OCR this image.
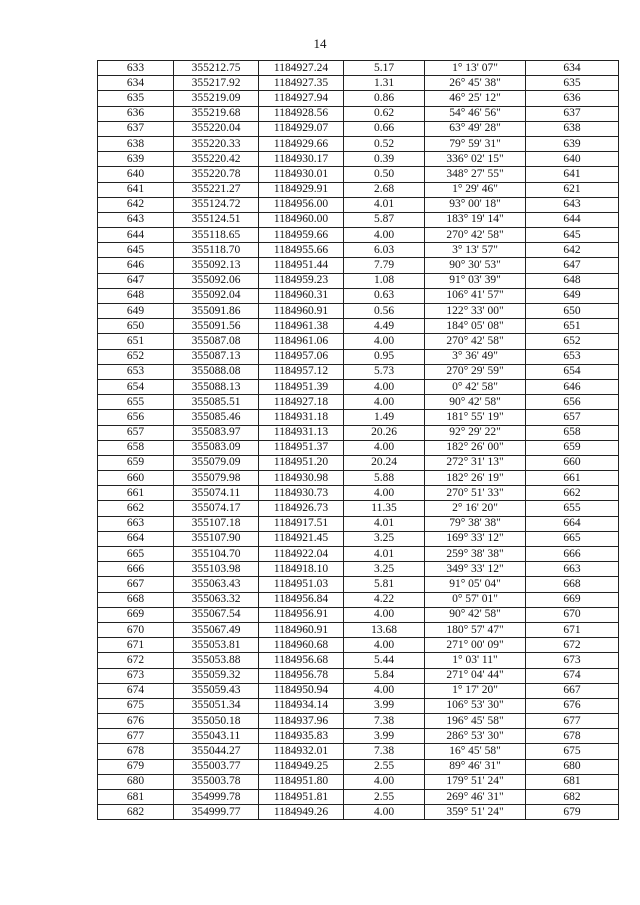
14
633	355212.75	1184927.24	5.17	1° 13' 07"	634
634	355217.92	1184927.35	1.31	26° 45' 38"	635
635	355219.09	1184927.94	0.86	46° 25' 12"	636
636	355219.68	1184928.56	0.62	54° 46' 56"	637
637	355220.04	1184929.07	0.66	63° 49' 28"	638
638	355220.33	1184929.66	0.52	79° 59' 31"	639
639	355220.42	1184930.17	0.39	336° 02' 15"	640
640	355220.78	1184930.01	0.50	348° 27' 55"	641
641	355221.27	1184929.91	2.68	1° 29' 46"	621
642	355124.72	1184956.00	4.01	93° 00' 18"	643
643	355124.51	1184960.00	5.87	183° 19' 14"	644
644	355118.65	1184959.66	4.00	270° 42' 58"	645
645	355118.70	1184955.66	6.03	3° 13' 57"	642
646	355092.13	1184951.44	7.79	90° 30' 53"	647
647	355092.06	1184959.23	1.08	91° 03' 39"	648
648	355092.04	1184960.31	0.63	106° 41' 57"	649
649	355091.86	1184960.91	0.56	122° 33' 00"	650
650	355091.56	1184961.38	4.49	184° 05' 08"	651
651	355087.08	1184961.06	4.00	270° 42' 58"	652
652	355087.13	1184957.06	0.95	3° 36' 49"	653
653	355088.08	1184957.12	5.73	270° 29' 59"	654
654	355088.13	1184951.39	4.00	0° 42' 58"	646
655	355085.51	1184927.18	4.00	90° 42' 58"	656
656	355085.46	1184931.18	1.49	181° 55' 19"	657
657	355083.97	1184931.13	20.26	92° 29' 22"	658
658	355083.09	1184951.37	4.00	182° 26' 00"	659
659	355079.09	1184951.20	20.24	272° 31' 13"	660
660	355079.98	1184930.98	5.88	182° 26' 19"	661
661	355074.11	1184930.73	4.00	270° 51' 33"	662
662	355074.17	1184926.73	11.35	2° 16' 20"	655
663	355107.18	1184917.51	4.01	79° 38' 38"	664
664	355107.90	1184921.45	3.25	169° 33' 12"	665
665	355104.70	1184922.04	4.01	259° 38' 38"	666
666	355103.98	1184918.10	3.25	349° 33' 12"	663
667	355063.43	1184951.03	5.81	91° 05' 04"	668
668	355063.32	1184956.84	4.22	0° 57' 01"	669
669	355067.54	1184956.91	4.00	90° 42' 58"	670
670	355067.49	1184960.91	13.68	180° 57' 47"	671
671	355053.81	1184960.68	4.00	271° 00' 09"	672
672	355053.88	1184956.68	5.44	1° 03' 11"	673
673	355059.32	1184956.78	5.84	271° 04' 44"	674
674	355059.43	1184950.94	4.00	1° 17' 20"	667
675	355051.34	1184934.14	3.99	106° 53' 30"	676
676	355050.18	1184937.96	7.38	196° 45' 58"	677
677	355043.11	1184935.83	3.99	286° 53' 30"	678
678	355044.27	1184932.01	7.38	16° 45' 58"	675
679	355003.77	1184949.25	2.55	89° 46' 31"	680
680	355003.78	1184951.80	4.00	179° 51' 24"	681
681	354999.78	1184951.81	2.55	269° 46' 31"	682
682	354999.77	1184949.26	4.00	359° 51' 24"	679
